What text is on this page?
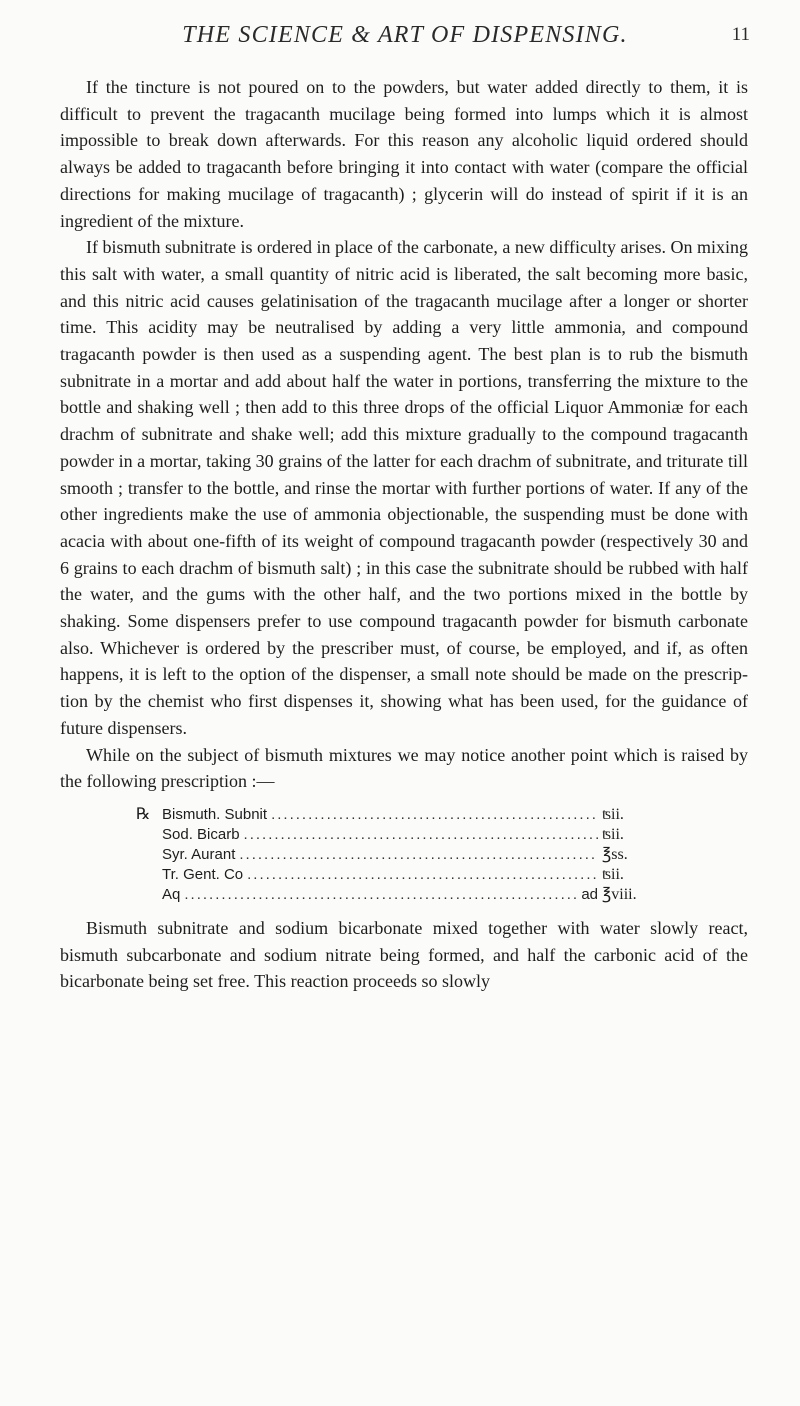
THE SCIENCE & ART OF DISPENSING.	11

If the tincture is not poured on to the powders, but water added directly to them, it is difficult to prevent the tragacanth mucilage being formed into lumps which it is almost impossible to break down afterwards. For this reason any alcoholic liquid ordered should always be added to tragacanth before bringing it into contact with water (compare the official directions for making mucilage of tragacanth) ; glycerin will do instead of spirit if it is an ingredient of the mixture.

If bismuth subnitrate is ordered in place of the carbonate, a new difficulty arises. On mixing this salt with water, a small quantity of nitric acid is liberated, the salt becoming more basic, and this nitric acid causes gelatinisation of the tragacanth mucilage after a longer or shorter time. This acidity may be neutralised by adding a very little ammonia, and compound tragacanth powder is then used as a suspending agent. The best plan is to rub the bismuth subnitrate in a mortar and add about half the water in portions, transferring the mixture to the bottle and shaking well ; then add to this three drops of the official Liquor Ammoniæ for each drachm of subnitrate and shake well; add this mixture gradually to the compound tragacanth powder in a mortar, taking 30 grains of the latter for each drachm of subnitrate, and triturate till smooth ; transfer to the bottle, and rinse the mortar with further portions of water. If any of the other ingredients make the use of ammonia objectionable, the suspending must be done with acacia with about one-fifth of its weight of compound tragacanth powder (respectively 30 and 6 grains to each drachm of bismuth salt) ; in this case the subnitrate should be rubbed with half the water, and the gums with the other half, and the two portions mixed in the bottle by shaking. Some dispensers prefer to use compound tragacanth powder for bismuth carbonate also. Whichever is ordered by the prescriber must, of course, be employed, and if, as often happens, it is left to the option of the dispenser, a small note should be made on the prescription by the chemist who first dispenses it, showing what has been used, for the guidance of future dispensers.

While on the subject of bismuth mixtures we may notice another point which is raised by the following prescription :—

℞ Bismuth. Subnit .....	ʦii.
Sod. Bicarb .....	ʦii.
Syr. Aurant .....	℥ss.
Tr. Gent. Co .....	ʦii.
Aq .....	ad ℥viii.

Bismuth subnitrate and sodium bicarbonate mixed together with water slowly react, bismuth subcarbonate and sodium nitrate being formed, and half the carbonic acid of the bicarbonate being set free. This reaction proceeds so slowly
